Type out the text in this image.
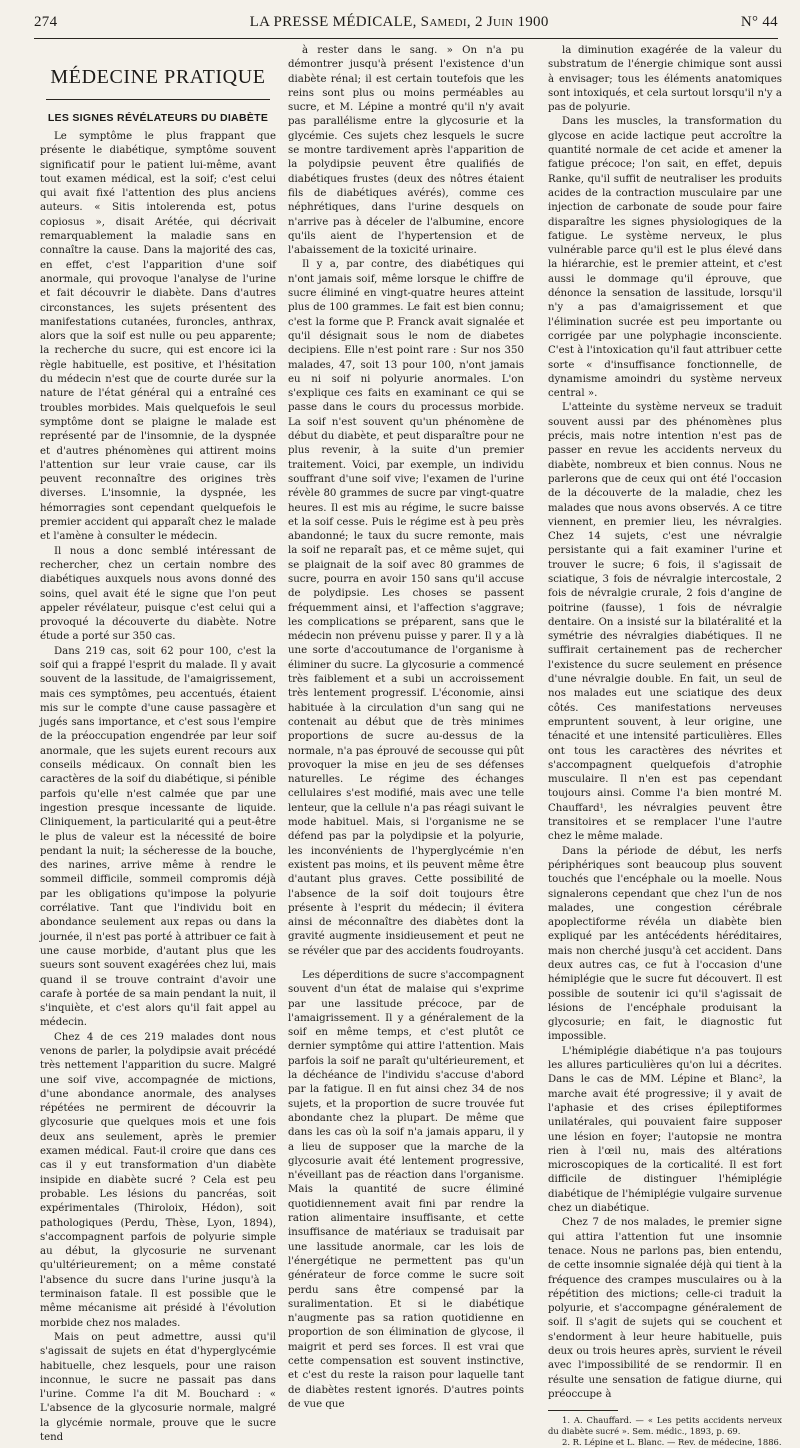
274	LA PRESSE MÉDICALE, Samedi, 2 Juin 1900	N° 44
MÉDECINE PRATIQUE
LES SIGNES RÉVÉLATEURS DU DIABÈTE

Le symptôme le plus frappant que présente le diabétique, symptôme souvent significatif pour le patient lui-même, avant tout examen médical, est la soif; c'est celui qui avait fixé l'attention des plus anciens auteurs. « Sitis intolerenda est, potus copiosus », disait Arétée, qui décrivait remarquablement la maladie sans en connaître la cause. Dans la majorité des cas, en effet, c'est l'apparition d'une soif anormale, qui provoque l'analyse de l'urine et fait découvrir le diabète. Dans d'autres circonstances, les sujets présentent des manifestations cutanées, furoncles, anthrax, alors que la soif est nulle ou peu apparente; la recherche du sucre, qui est encore ici la règle habituelle, est positive, et l'hésitation du médecin n'est que de courte durée sur la nature de l'état général qui a entraîné ces troubles morbides. Mais quelquefois le seul symptôme dont se plaigne le malade est représenté par de l'insomnie, de la dyspnée et d'autres phénomènes qui attirent moins l'attention sur leur vraie cause, car ils peuvent reconnaître des origines très diverses. L'insomnie, la dyspnée, les hémorragies sont cependant quelquefois le premier accident qui apparaît chez le malade et l'amène à consulter le médecin.

Il nous a donc semblé intéressant de rechercher, chez un certain nombre des diabétiques auxquels nous avons donné des soins, quel avait été le signe que l'on peut appeler révélateur, puisque c'est celui qui a provoqué la découverte du diabète. Notre étude a porté sur 350 cas.

Dans 219 cas, soit 62 pour 100, c'est la soif qui a frappé l'esprit du malade. Il y avait souvent de la lassitude, de l'amaigrissement, mais ces symptômes, peu accentués, étaient mis sur le compte d'une cause passagère et jugés sans importance, et c'est sous l'empire de la préoccupation engendrée par leur soif anormale, que les sujets eurent recours aux conseils médicaux. On connaît bien les caractères de la soif du diabétique, si pénible parfois qu'elle n'est calmée que par une ingestion presque incessante de liquide. Cliniquement, la particularité qui a peut-être le plus de valeur est la nécessité de boire pendant la nuit; la sécheresse de la bouche, des narines, arrive même à rendre le sommeil difficile, sommeil compromis déjà par les obligations qu'impose la polyurie corrélative. Tant que l'individu boit en abondance seulement aux repas ou dans la journée, il n'est pas porté à attribuer ce fait à une cause morbide, d'autant plus que les sueurs sont souvent exagérées chez lui, mais quand il se trouve contraint d'avoir une carafe à portée de sa main pendant la nuit, il s'inquiète, et c'est alors qu'il fait appel au médecin.

Chez 4 de ces 219 malades dont nous venons de parler, la polydipsie avait précédé très nettement l'apparition du sucre. Malgré une soif vive, accompagnée de mictions, d'une abondance anormale, des analyses répétées ne permirent de découvrir la glycosurie que quelques mois et une fois deux ans seulement, après le premier examen médical. Faut-il croire que dans ces cas il y eut transformation d'un diabète insipide en diabète sucré ? Cela est peu probable. Les lésions du pancréas, soit expérimentales (Thiroloix, Hédon), soit pathologiques (Perdu, Thèse, Lyon, 1894), s'accompagnent parfois de polyurie simple au début, la glycosurie ne survenant qu'ultérieurement; on a même constaté l'absence du sucre dans l'urine jusqu'à la terminaison fatale. Il est possible que le même mécanisme ait présidé à l'évolution morbide chez nos malades.

Mais on peut admettre, aussi qu'il s'agissait de sujets en état d'hyperglycémie habituelle, chez lesquels, pour une raison inconnue, le sucre ne passait pas dans l'urine. Comme l'a dit M. Bouchard : « L'absence de la glycosurie normale, malgré la glycémie normale, prouve que le sucre tend

à rester dans le sang. » On n'a pu démontrer jusqu'à présent l'existence d'un diabète rénal; il est certain toutefois que les reins sont plus ou moins perméables au sucre, et M. Lépine a montré qu'il n'y avait pas parallélisme entre la glycosurie et la glycémie. Ces sujets chez lesquels le sucre se montre tardivement après l'apparition de la polydipsie peuvent être qualifiés de diabétiques frustes (deux des nôtres étaient fils de diabétiques avérés), comme ces néphrétiques, dans l'urine desquels on n'arrive pas à déceler de l'albumine, encore qu'ils aient de l'hypertension et de l'abaissement de la toxicité urinaire.

Il y a, par contre, des diabétiques qui n'ont jamais soif, même lorsque le chiffre de sucre éliminé en vingt-quatre heures atteint plus de 100 grammes. Le fait est bien connu; c'est la forme que P. Franck avait signalée et qu'il désignait sous le nom de diabetes decipiens. Elle n'est point rare : Sur nos 350 malades, 47, soit 13 pour 100, n'ont jamais eu ni soif ni polyurie anormales. L'on s'explique ces faits en examinant ce qui se passe dans le cours du processus morbide. La soif n'est souvent qu'un phénomène de début du diabète, et peut disparaître pour ne plus revenir, à la suite d'un premier traitement. Voici, par exemple, un individu souffrant d'une soif vive; l'examen de l'urine révèle 80 grammes de sucre par vingt-quatre heures. Il est mis au régime, le sucre baisse et la soif cesse. Puis le régime est à peu près abandonné; le taux du sucre remonte, mais la soif ne reparaît pas, et ce même sujet, qui se plaignait de la soif avec 80 grammes de sucre, pourra en avoir 150 sans qu'il accuse de polydipsie. Les choses se passent fréquemment ainsi, et l'affection s'aggrave; les complications se préparent, sans que le médecin non prévenu puisse y parer. Il y a là une sorte d'accoutumance de l'organisme à éliminer du sucre. La glycosurie a commencé très faiblement et a subi un accroissement très lentement progressif. L'économie, ainsi habituée à la circulation d'un sang qui ne contenait au début que de très minimes proportions de sucre au-dessus de la normale, n'a pas éprouvé de secousse qui pût provoquer la mise en jeu de ses défenses naturelles. Le régime des échanges cellulaires s'est modifié, mais avec une telle lenteur, que la cellule n'a pas réagi suivant le mode habituel. Mais, si l'organisme ne se défend pas par la polydipsie et la polyurie, les inconvénients de l'hyperglycémie n'en existent pas moins, et ils peuvent même être d'autant plus graves. Cette possibilité de l'absence de la soif doit toujours être présente à l'esprit du médecin; il évitera ainsi de méconnaître des diabètes dont la gravité augmente insidieusement et peut ne se révéler que par des accidents foudroyants.

Les déperditions de sucre s'accompagnent souvent d'un état de malaise qui s'exprime par une lassitude précoce, par de l'amaigrissement. Il y a généralement de la soif en même temps, et c'est plutôt ce dernier symptôme qui attire l'attention. Mais parfois la soif ne paraît qu'ultérieurement, et la déchéance de l'individu s'accuse d'abord par la fatigue. Il en fut ainsi chez 34 de nos sujets, et la proportion de sucre trouvée fut abondante chez la plupart. De même que dans les cas où la soif n'a jamais apparu, il y a lieu de supposer que la marche de la glycosurie avait été lentement progressive, n'éveillant pas de réaction dans l'organisme. Mais la quantité de sucre éliminé quotidiennement avait fini par rendre la ration alimentaire insuffisante, et cette insuffisance de matériaux se traduisait par une lassitude anormale, car les lois de l'énergétique ne permettent pas qu'un générateur de force comme le sucre soit perdu sans être compensé par la suralimentation. Et si le diabétique n'augmente pas sa ration quotidienne en proportion de son élimination de glycose, il maigrit et perd ses forces. Il est vrai que cette compensation est souvent instinctive, et c'est du reste la raison pour laquelle tant de diabètes restent ignorés. D'autres points de vue que

la diminution exagérée de la valeur du substratum de l'énergie chimique sont aussi à envisager; tous les éléments anatomiques sont intoxiqués, et cela surtout lorsqu'il n'y a pas de polyurie.

Dans les muscles, la transformation du glycose en acide lactique peut accroître la quantité normale de cet acide et amener la fatigue précoce; l'on sait, en effet, depuis Ranke, qu'il suffit de neutraliser les produits acides de la contraction musculaire par une injection de carbonate de soude pour faire disparaître les signes physiologiques de la fatigue. Le système nerveux, le plus vulnérable parce qu'il est le plus élevé dans la hiérarchie, est le premier atteint, et c'est aussi le dommage qu'il éprouve, que dénonce la sensation de lassitude, lorsqu'il n'y a pas d'amaigrissement et que l'élimination sucrée est peu importante ou corrigée par une polyphagie inconsciente. C'est à l'intoxication qu'il faut attribuer cette sorte « d'insuffisance fonctionnelle, de dynamisme amoindri du système nerveux central ».

L'atteinte du système nerveux se traduit souvent aussi par des phénomènes plus précis, mais notre intention n'est pas de passer en revue les accidents nerveux du diabète, nombreux et bien connus. Nous ne parlerons que de ceux qui ont été l'occasion de la découverte de la maladie, chez les malades que nous avons observés. A ce titre viennent, en premier lieu, les névralgies. Chez 14 sujets, c'est une névralgie persistante qui a fait examiner l'urine et trouver le sucre; 6 fois, il s'agissait de sciatique, 3 fois de névralgie intercostale, 2 fois de névralgie crurale, 2 fois d'angine de poitrine (fausse), 1 fois de névralgie dentaire. On a insisté sur la bilatéralité et la symétrie des névralgies diabétiques. Il ne suffirait certainement pas de rechercher l'existence du sucre seulement en présence d'une névralgie double. En fait, un seul de nos malades eut une sciatique des deux côtés. Ces manifestations nerveuses empruntent souvent, à leur origine, une ténacité et une intensité particulières. Elles ont tous les caractères des névrites et s'accompagnent quelquefois d'atrophie musculaire. Il n'en est pas cependant toujours ainsi. Comme l'a bien montré M. Chauffard¹, les névralgies peuvent être transitoires et se remplacer l'une l'autre chez le même malade.

Dans la période de début, les nerfs périphériques sont beaucoup plus souvent touchés que l'encéphale ou la moelle. Nous signalerons cependant que chez l'un de nos malades, une congestion cérébrale apoplectiforme révéla un diabète bien expliqué par les antécédents héréditaires, mais non cherché jusqu'à cet accident. Dans deux autres cas, ce fut à l'occasion d'une hémiplégie que le sucre fut découvert. Il est possible de soutenir ici qu'il s'agissait de lésions de l'encéphale produisant la glycosurie; en fait, le diagnostic fut impossible.

L'hémiplégie diabétique n'a pas toujours les allures particulières qu'on lui a décrites. Dans le cas de MM. Lépine et Blanc², la marche avait été progressive; il y avait de l'aphasie et des crises épileptiformes unilatérales, qui pouvaient faire supposer une lésion en foyer; l'autopsie ne montra rien à l'œil nu, mais des altérations microscopiques de la corticalité. Il est fort difficile de distinguer l'hémiplégie diabétique de l'hémiplégie vulgaire survenue chez un diabétique.

Chez 7 de nos malades, le premier signe qui attira l'attention fut une insomnie tenace. Nous ne parlons pas, bien entendu, de cette insomnie signalée déjà qui tient à la fréquence des crampes musculaires ou à la répétition des mictions; celle-ci traduit la polyurie, et s'accompagne généralement de soif. Il s'agit de sujets qui se couchent et s'endorment à leur heure habituelle, puis deux ou trois heures après, survient le réveil avec l'impossibilité de se rendormir. Il en résulte une sensation de fatigue diurne, qui préoccupe à

1. A. Chauffard. — « Les petits accidents nerveux du diabète sucré ». Sem. médic., 1893, p. 69.

2. R. Lépine et L. Blanc. — Rev. de médecine, 1886.
